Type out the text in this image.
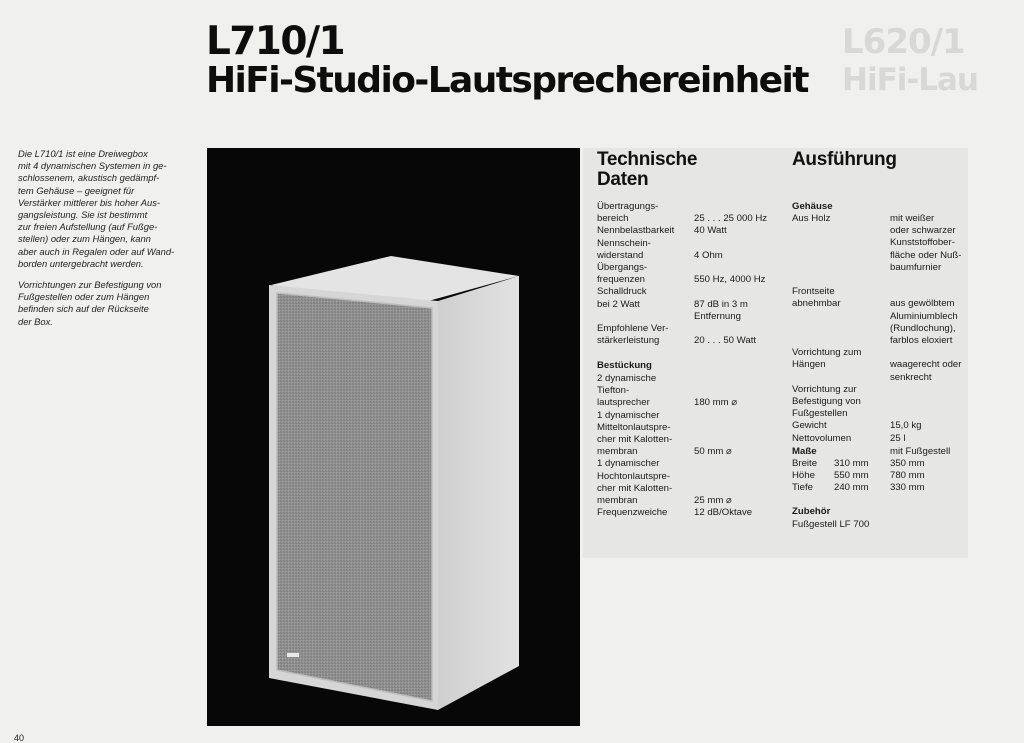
L710/1
HiFi-Studio-Lautsprechereinheit
L620/1
HiFi-Lau

Die L710/1 ist eine Dreiwegbox
mit 4 dynamischen Systemen in ge-
schlossenem, akustisch gedämpf-
tem Gehäuse – geeignet für
Verstärker mittlerer bis hoher Aus-
gangsleistung. Sie ist bestimmt
zur freien Aufstellung (auf Fußge-
stellen) oder zum Hängen, kann
aber auch in Regalen oder auf Wand-
borden untergebracht werden.

Vorrichtungen zur Befestigung von
Fußgestellen oder zum Hängen
befinden sich auf der Rückseite
der Box.

Technische
Daten
Ausführung
Übertragungs-
bereich
Nennbelastbarkeit
Nennschein-
widerstand
Übergangs-
frequenzen
Schalldruck
bei 2 Watt
Empfohlene Ver-
stärkerleistung
25 . . . 25 000 Hz
40 Watt
4 Ohm
550 Hz, 4000 Hz
87 dB in 3 m
Entfernung
20 . . . 50 Watt
Bestückung
2 dynamische
Tiefton-
lautsprecher
1 dynamischer
Mitteltonlautspre-
cher mit Kalotten-
membran
1 dynamischer
Hochtonlautspre-
cher mit Kalotten-
membran
Frequenzweiche
180 mm ⌀
50 mm ⌀
25 mm ⌀
12 dB/Oktave
Gehäuse
Aus Holz
Frontseite
abnehmbar
Vorrichtung zum
Hängen
Vorrichtung zur
Befestigung von
Fußgestellen
Gewicht
Nettovolumen
mit weißer
oder schwarzer
Kunststoffober-
fläche oder Nuß-
baumfurnier
aus gewölbtem
Aluminiumblech
(Rundlochung),
farblos eloxiert
waagerecht oder
senkrecht
15,0 kg
25 l
Maße	mit Fußgestell
Breite
Höhe
Tiefe
310 mm
550 mm
240 mm
350 mm
780 mm
330 mm
Zubehör
Fußgestell LF 700
40
